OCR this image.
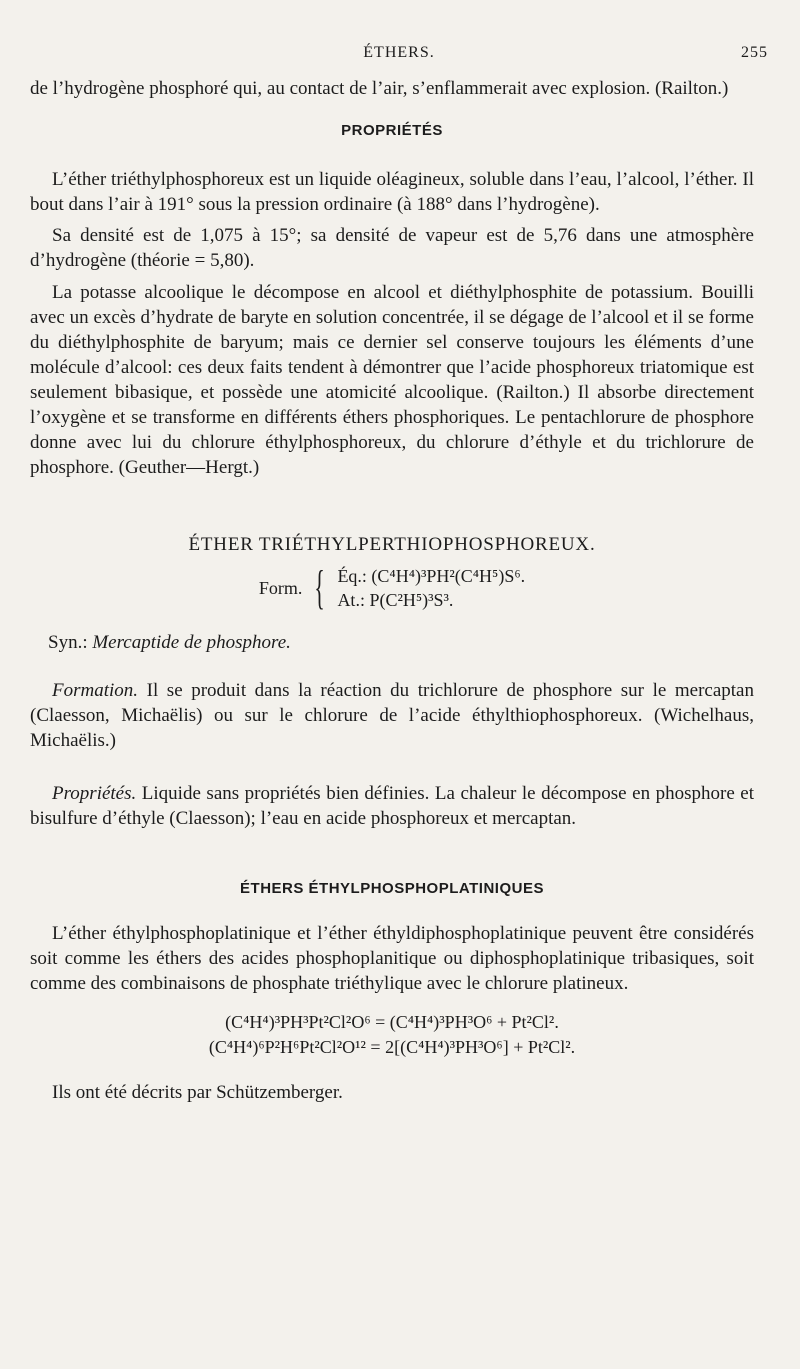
ÉTHERS.	255

de l’hydrogène phosphoré qui, au contact de l’air, s’enflammerait avec explosion. (Railton.)

PROPRIÉTÉS

L’éther triéthylphosphoreux est un liquide oléagineux, soluble dans l’eau, l’alcool, l’éther. Il bout dans l’air à 191° sous la pression ordinaire (à 188° dans l’hydrogène).

Sa densité est de 1,075 à 15°; sa densité de vapeur est de 5,76 dans une atmosphère d’hydrogène (théorie = 5,80).

La potasse alcoolique le décompose en alcool et diéthylphosphite de potassium. Bouilli avec un excès d’hydrate de baryte en solution concentrée, il se dégage de l’alcool et il se forme du diéthylphosphite de baryum; mais ce dernier sel conserve toujours les éléments d’une molécule d’alcool: ces deux faits tendent à démontrer que l’acide phosphoreux triatomique est seulement bibasique, et possède une atomicité alcoolique. (Railton.) Il absorbe directement l’oxygène et se transforme en différents éthers phosphoriques. Le pentachlorure de phosphore donne avec lui du chlorure éthylphosphoreux, du chlorure d’éthyle et du trichlorure de phosphore. (Geuther—Hergt.)

ÉTHER TRIÉTHYLPERTHIOPHOSPHOREUX.
Form. { Éq.: (C⁴H⁴)³PH²(C⁴H⁵)S⁶.
At.: P(C²H⁵)³S³.

Syn.: Mercaptide de phosphore.

Formation. Il se produit dans la réaction du trichlorure de phosphore sur le mercaptan (Claesson, Michaëlis) ou sur le chlorure de l’acide éthylthiophosphoreux. (Wichelhaus, Michaëlis.)

Propriétés. Liquide sans propriétés bien définies. La chaleur le décompose en phosphore et bisulfure d’éthyle (Claesson); l’eau en acide phosphoreux et mercaptan.

ÉTHERS ÉTHYLPHOSPHOPLATINIQUES

L’éther éthylphosphoplatinique et l’éther éthyldiphosphoplatinique peuvent être considérés soit comme les éthers des acides phosphoplanitique ou diphosphoplatinique tribasiques, soit comme des combinaisons de phosphate triéthylique avec le chlorure platineux.

(C⁴H⁴)³PH³Pt²Cl²O⁶ = (C⁴H⁴)³PH³O⁶ + Pt²Cl².
(C⁴H⁴)⁶P²H⁶Pt²Cl²O¹² = 2[(C⁴H⁴)³PH³O⁶] + Pt²Cl².

Ils ont été décrits par Schützemberger.
